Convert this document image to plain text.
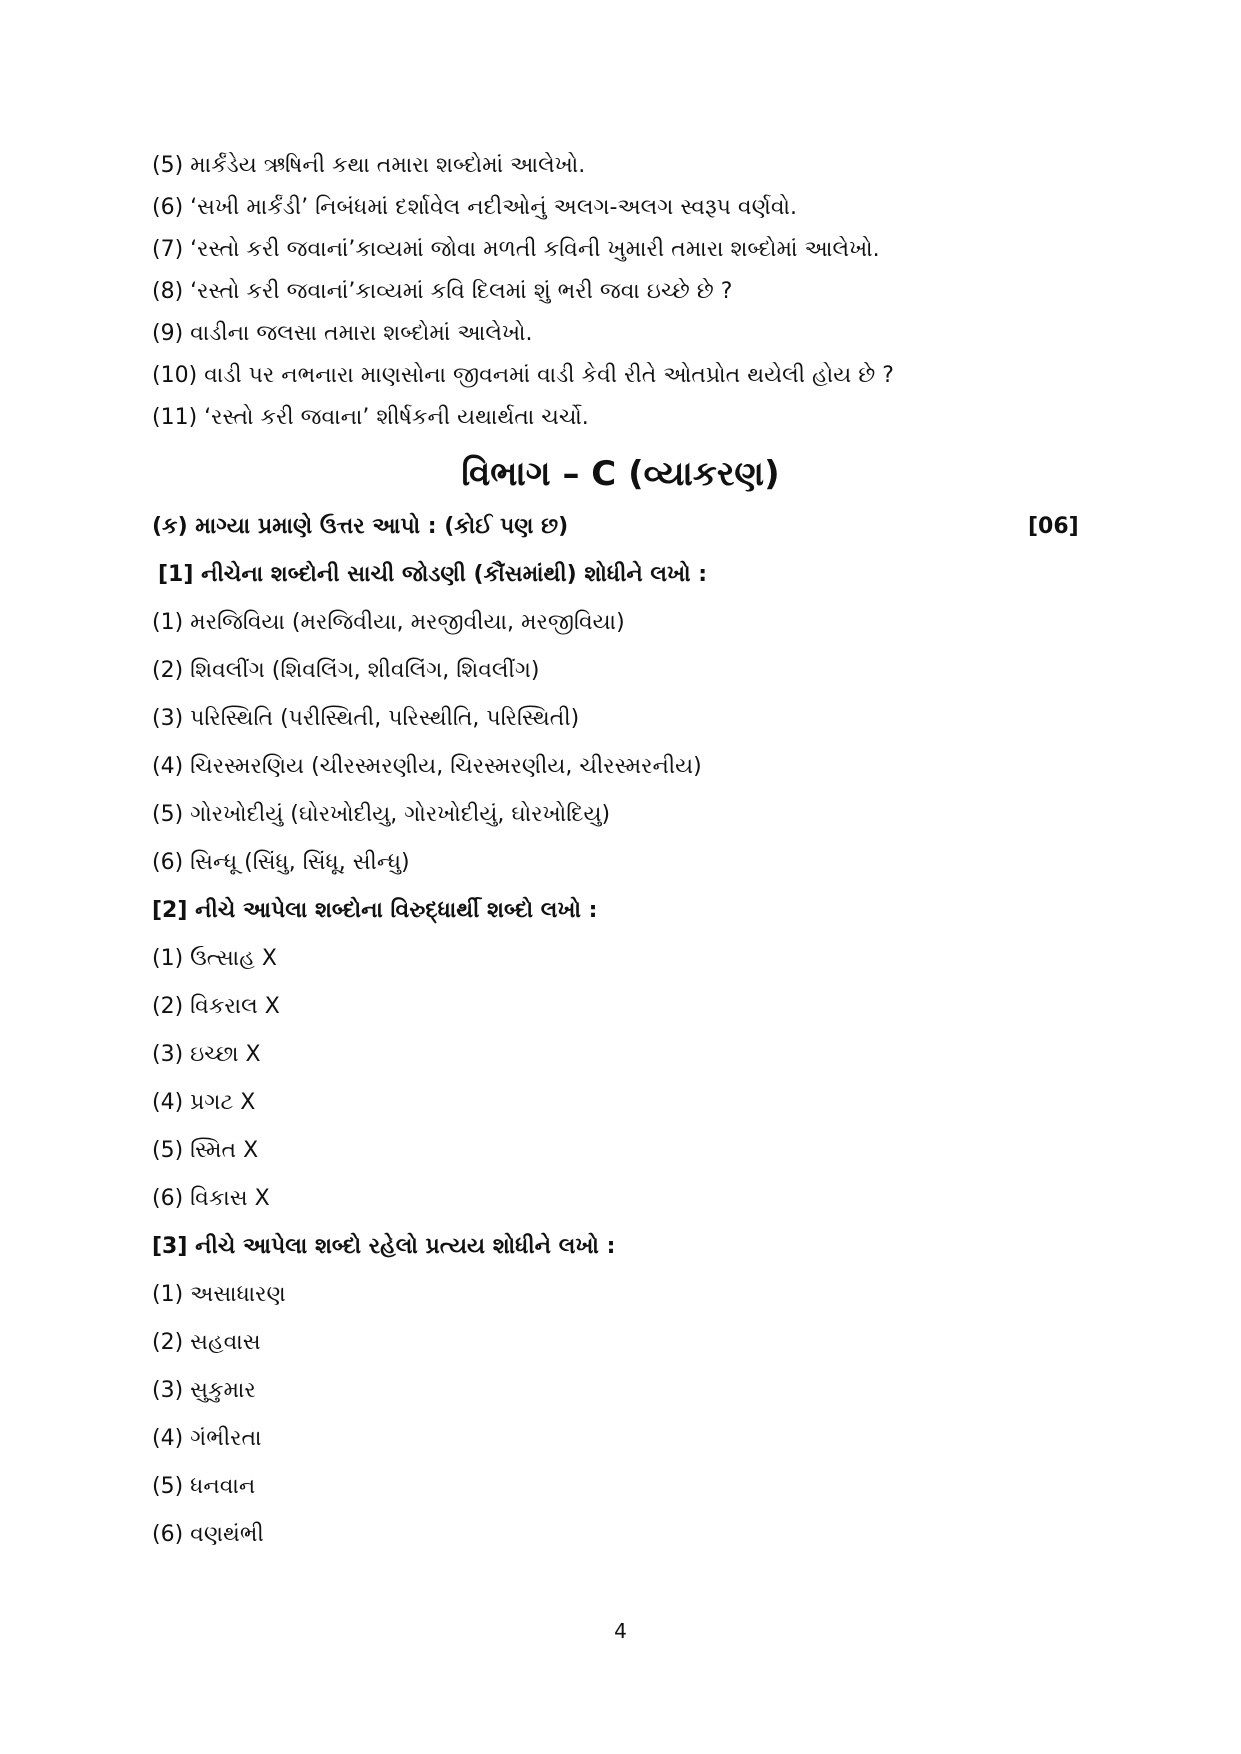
(5) માર્કંડેય ઋષિની કથા તમારા શબ્દોમાં આલેખો.
(6) ‘સખી માર્કંડી’ નિબંધમાં દર્શાવેલ નદીઓનું અલગ-અલગ સ્વરૂપ વર્ણવો.
(7) ‘રસ્તો કરી જવાનાં’કાવ્યમાં જોવા મળતી કવિની ખુમારી તમારા શબ્દોમાં આલેખો.
(8) ‘રસ્તો કરી જવાનાં’કાવ્યમાં કવિ દિલમાં શું ભરી જવા ઇચ્છે છે ?
(9) વાડીના જલસા તમારા શબ્દોમાં આલેખો.
(10) વાડી પર નભનારા માણસોના જીવનમાં વાડી કેવી રીતે ઓતપ્રોત થયેલી હોય છે ?
(11) ‘રસ્તો કરી જવાના’ શીર્ષકની યથાર્થતા ચર્ચો.
વિભાગ – C (વ્યાકરણ)
(ક) માગ્યા પ્રમાણે ઉત્તર આપો : (કોઈ પણ છ)	[06]
[1] નીચેના શબ્દોની સાચી જોડણી (કૌંસમાંથી) શોધીને લખો :
(1) મરજિવિયા (મરજિવીયા, મરજીવીયા, મરજીવિયા)
(2) શિવલીંગ (શિવલિંગ, શીવલિંગ, શિવલીંગ)
(3) પરિસ્થિતિ (પરીસ્થિતી, પરિસ્થીતિ, પરિસ્થિતી)
(4) ચિરસ્મરણિય (ચીરસ્મરણીય, ચિરસ્મરણીય, ચીરસ્મરનીય)
(5) ગોરખોદીયું (ઘોરખોદીયુ, ગોરખોદીયું, ઘોરખોદિયુ)
(6) સિન્ધૂ (સિંધુ, સિંધૂ, સીન્ધુ)
[2] નીચે આપેલા શબ્દોના વિરુદ્ધાર્થી શબ્દો લખો :
(1) ઉત્સાહ X
(2) વિકરાલ X
(3) ઇચ્છા X
(4) પ્રગટ X
(5) સ્મિત X
(6) વિકાસ X
[3] નીચે આપેલા શબ્દો રહેલો પ્રત્યય શોધીને લખો :
(1) અસાધારણ
(2) સહવાસ
(3) સુકુમાર
(4) ગંભીરતા
(5) ધનવાન
(6) વણથંભી
4
